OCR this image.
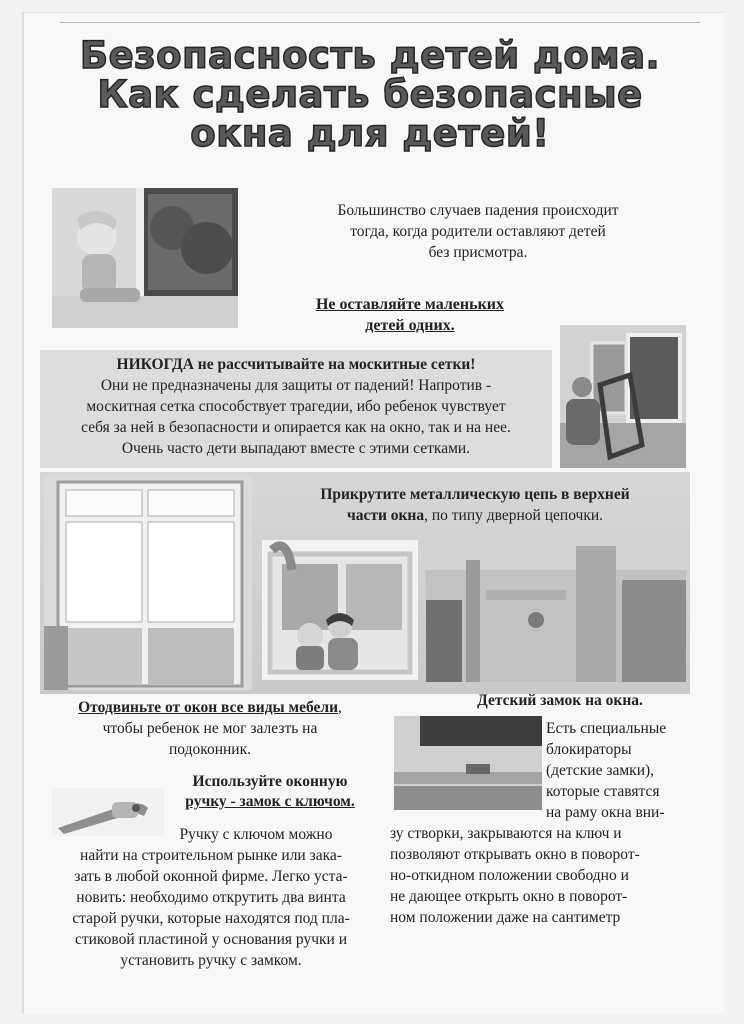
Безопасность детей дома.
Как сделать безопасные
окна для детей!
Большинство случаев падения происходит
тогда, когда родители оставляют детей
без присмотра.
Не оставляйте маленьких
детей одних.
НИКОГДА не рассчитывайте на москитные сетки!
Они не предназначены для защиты от падений! Напротив -
москитная сетка способствует трагедии, ибо ребенок чувствует
себя за ней в безопасности и опирается как на окно, так и на нее.
Очень часто дети выпадают вместе с этими сетками.
Прикрутите металлическую цепь в верхней
части окна, по типу дверной цепочки.
Отодвиньте от окон все виды мебели,
чтобы ребенок не мог залезть на
подоконник.
Детский замок на окна.
Есть специальные
блокираторы
(детские замки),
которые ставятся
на раму окна вни-
зу створки, закрываются на ключ и
позволяют открывать окно в поворот-
но-откидном положении свободно и
не дающее открыть окно в поворот-
ном положении даже на сантиметр
Используйте оконную
ручку - замок с ключом.
Ручку с ключом можно
найти на строительном рынке или зака-
зать в любой оконной фирме. Легко уста-
новить: необходимо открутить два винта
старой ручки, которые находятся под пла-
стиковой пластиной у основания ручки и
установить ручку с замком.
